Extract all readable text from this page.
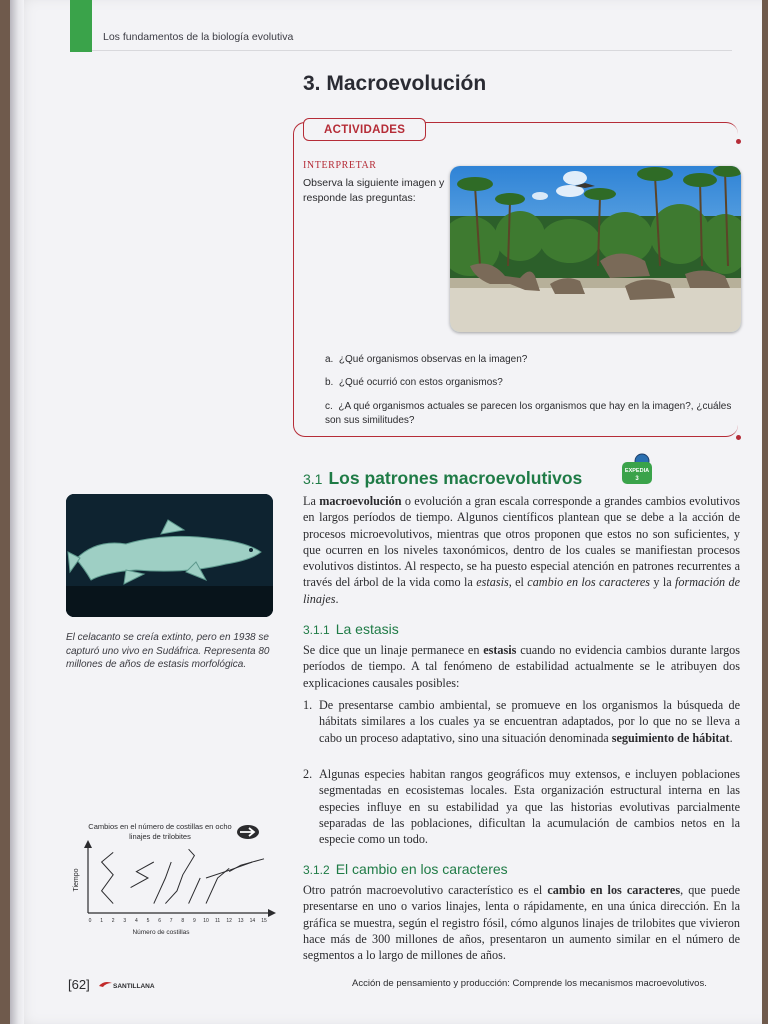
Los fundamentos de la biología evolutiva
3. Macroevolución
ACTIVIDADES
INTERPRETAR
Observa la siguiente imagen y responde las preguntas:
a. ¿Qué organismos observas en la imagen?
b. ¿Qué ocurrió con estos organismos?
c. ¿A qué organismos actuales se parecen los organismos que hay en la imagen?, ¿cuáles son sus similitudes?
3.1 Los patrones macroevolutivos	EXPEDIA
3
La macroevolución o evolución a gran escala corresponde a grandes cambios evolutivos en largos períodos de tiempo. Algunos científicos plantean que se debe a la acción de procesos microevolutivos, mientras que otros proponen que estos no son suficientes, y que ocurren en los niveles taxonómicos, dentro de los cuales se manifiestan procesos evolutivos distintos. Al respecto, se ha puesto especial atención en patrones recurrentes a través del árbol de la vida como la estasis, el cambio en los caracteres y la formación de linajes.
El celacanto se creía extinto, pero en 1938 se capturó uno vivo en Sudáfrica. Representa 80 millones de años de estasis morfológica.
3.1.1 La estasis
Se dice que un linaje permanece en estasis cuando no evidencia cambios durante largos períodos de tiempo. A tal fenómeno de estabilidad actualmente se le atribuyen dos explicaciones causales posibles:
1. De presentarse cambio ambiental, se promueve en los organismos la búsqueda de hábitats similares a los cuales ya se encuentran adaptados, por lo que no se lleva a cabo un proceso adaptativo, sino una situación denominada seguimiento de hábitat.
2. Algunas especies habitan rangos geográficos muy extensos, e incluyen poblaciones segmentadas en ecosistemas locales. Esta organización estructural interna en las especies influye en su estabilidad ya que las historias evolutivas parcialmente separadas de las poblaciones, dificultan la acumulación de cambios netos en la especie como un todo.
3.1.2 El cambio en los caracteres
Otro patrón macroevolutivo característico es el cambio en los caracteres, que puede presentarse en uno o varios linajes, lenta o rápidamente, en una única dirección. En la gráfica se muestra, según el registro fósil, cómo algunos linajes de trilobites que vivieron hace más de 300 millones de años, presentaron un aumento similar en el número de segmentos a lo largo de millones de años.
Cambios en el número de costillas en ocho linajes de trilobites
Tiempo
Número de costillas
0 1 2 3 4 5 6 7 8 9 10 11 12 13 14 15
[62]	SANTILLANA	Acción de pensamiento y producción: Comprende los mecanismos macroevolutivos.
